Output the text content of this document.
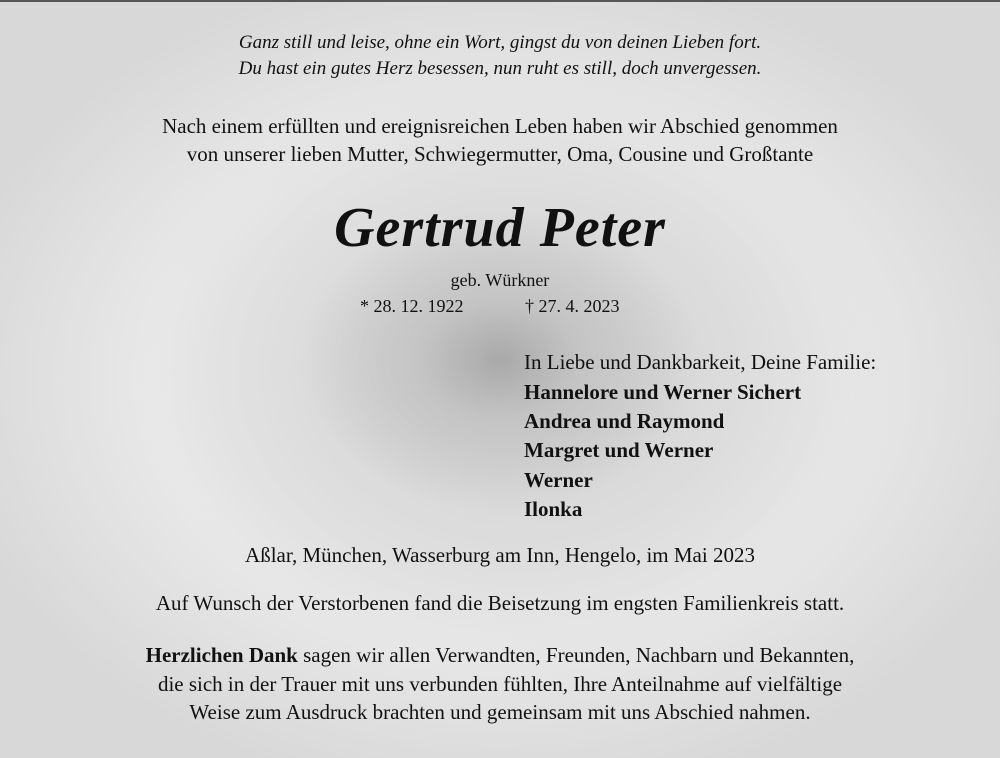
Ganz still und leise, ohne ein Wort, gingst du von deinen Lieben fort.
Du hast ein gutes Herz besessen, nun ruht es still, doch unvergessen.
Nach einem erfüllten und ereignisreichen Leben haben wir Abschied genommen
von unserer lieben Mutter, Schwiegermutter, Oma, Cousine und Großtante
Gertrud Peter
geb. Würkner
* 28. 12. 1922	† 27. 4. 2023
In Liebe und Dankbarkeit, Deine Familie:
Hannelore und Werner Sichert
Andrea und Raymond
Margret und Werner
Werner
Ilonka
Aßlar, München, Wasserburg am Inn, Hengelo, im Mai 2023
Auf Wunsch der Verstorbenen fand die Beisetzung im engsten Familienkreis statt.
Herzlichen Dank sagen wir allen Verwandten, Freunden, Nachbarn und Bekannten,
die sich in der Trauer mit uns verbunden fühlten, Ihre Anteilnahme auf vielfältige
Weise zum Ausdruck brachten und gemeinsam mit uns Abschied nahmen.
